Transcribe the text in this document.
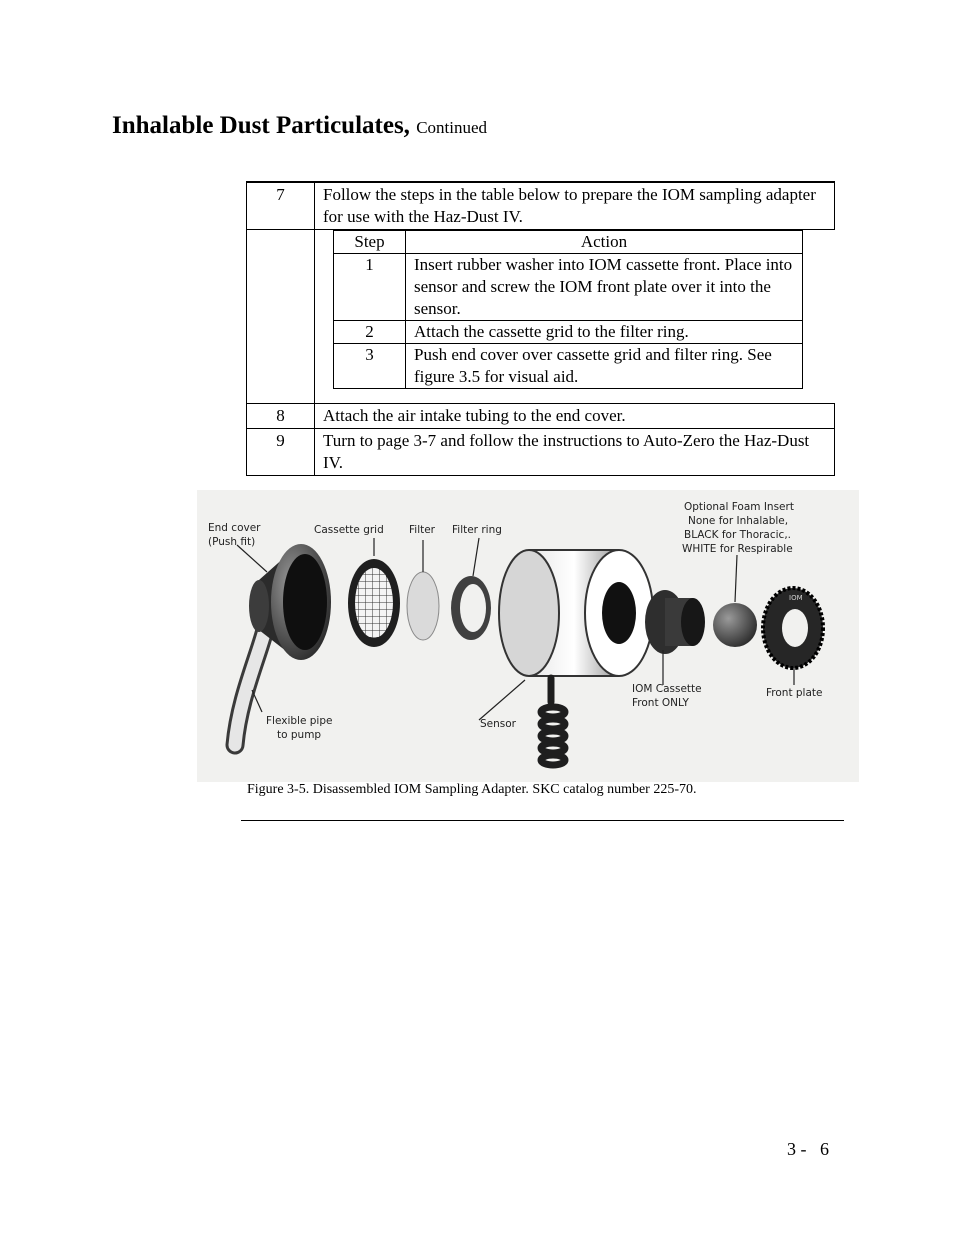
Inhalable Dust Particulates, Continued
7	Follow the steps in the table below to prepare the IOM sampling adapter for use with the Haz-Dust IV.

Step	Action
1	Insert rubber washer into IOM cassette front. Place into sensor and screw the IOM front plate over it into the sensor.
2	Attach the cassette grid to the filter ring.
3	Push end cover over cassette grid and filter ring. See figure 3.5 for visual aid.

8	Attach the air intake tubing to the end cover.
9	Turn to page 3-7 and follow the instructions to Auto-Zero the Haz-Dust IV.
IOM
End cover
(Push fit)
Cassette grid Filter Filter ring
Optional Foam Insert
None for Inhalable,
BLACK for Thoracic,.
WHITE for Respirable
Flexible pipe
to pump
Sensor
IOM Cassette
Front ONLY
Front plate
Figure 3-5. Disassembled IOM Sampling Adapter. SKC catalog number 225-70.
3 -   6
